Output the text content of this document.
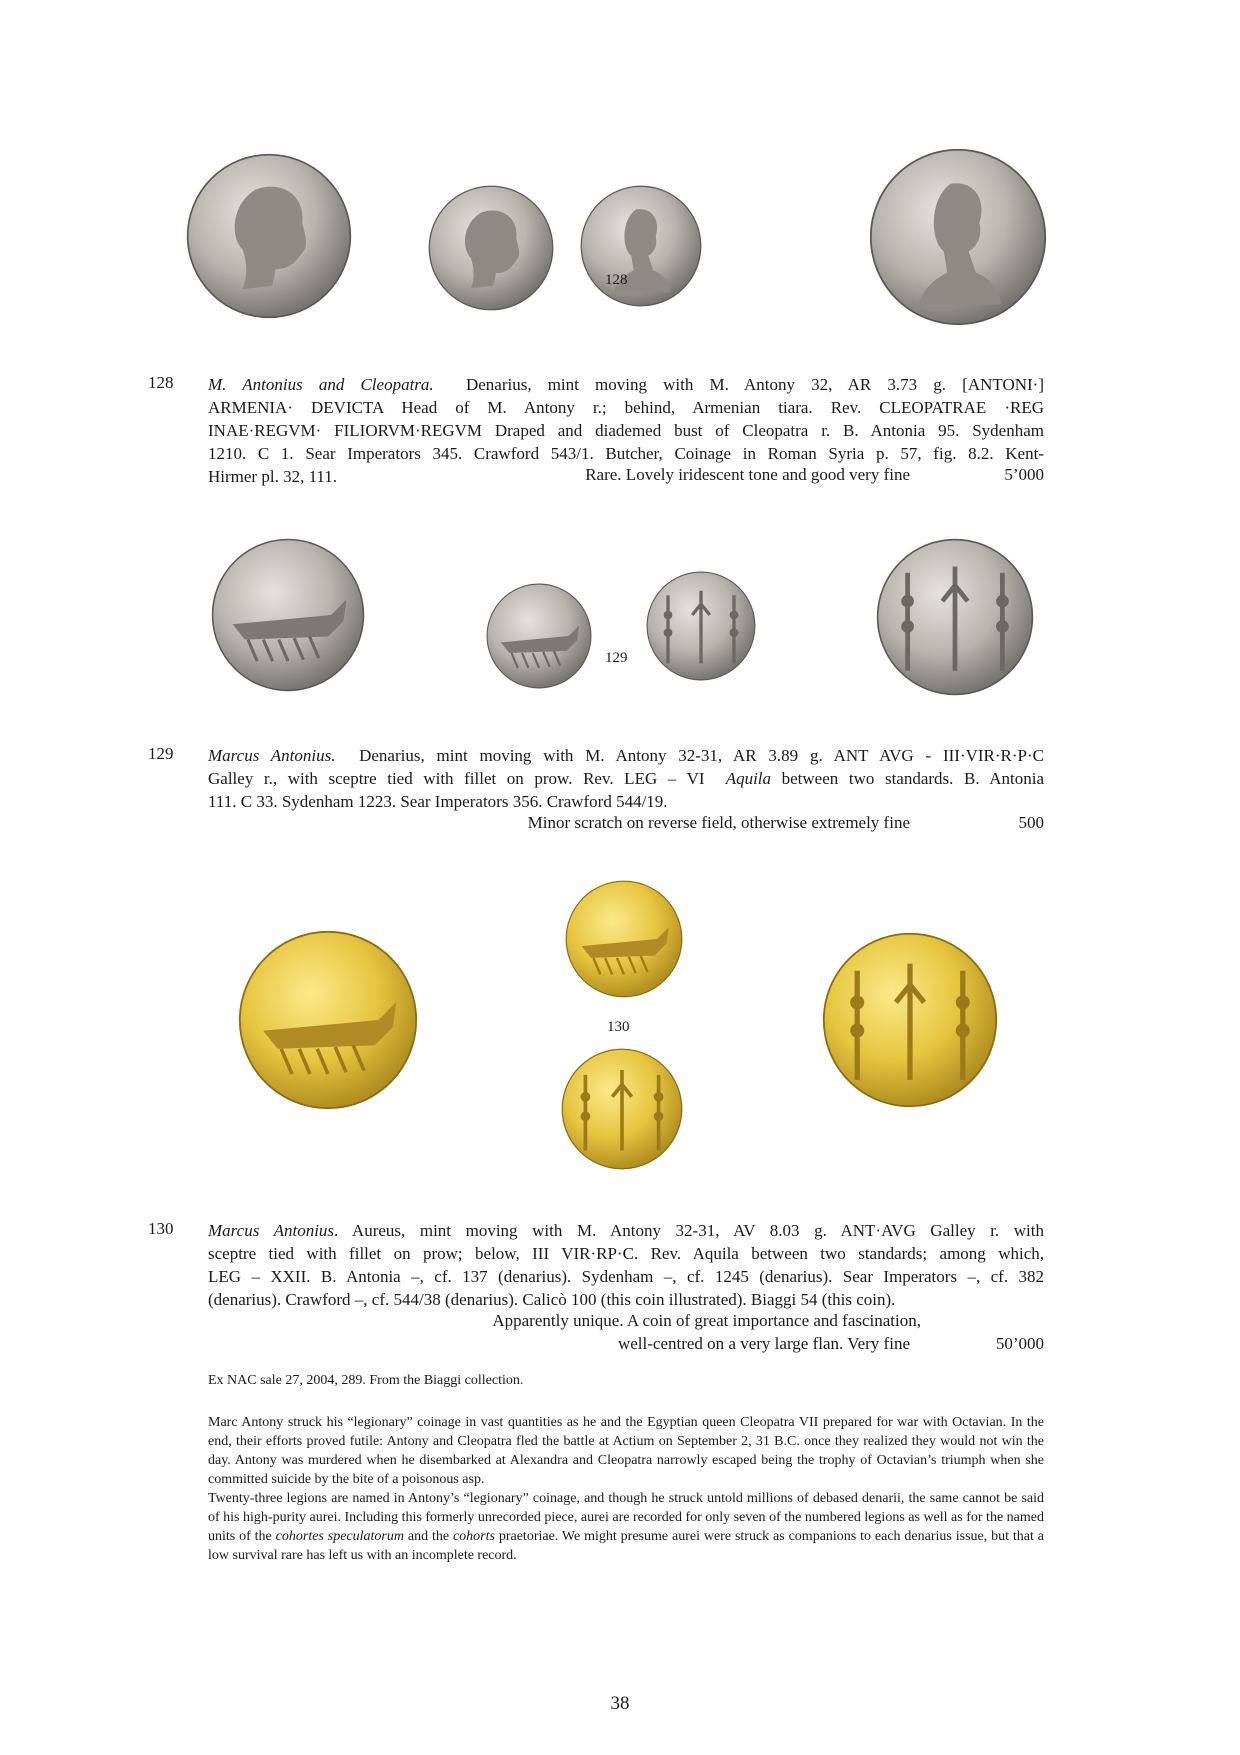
128
128 M. Antonius and Cleopatra. Denarius, mint moving with M. Antony 32, AR 3.73 g. [ANTONI·]
ARMENIA· DEVICTA Head of M. Antony r.; behind, Armenian tiara. Rev. CLEOPATRAE ·REG
INAE·REGVM· FILIORVM·REGVM Draped and diademed bust of Cleopatra r. B. Antonia 95. Sydenham
1210. C 1. Sear Imperators 345. Crawford 543/1. Butcher, Coinage in Roman Syria p. 57, fig. 8.2. Kent-
Hirmer pl. 32, 111.	Rare. Lovely iridescent tone and good very fine	5’000
129
129 Marcus Antonius. Denarius, mint moving with M. Antony 32-31, AR 3.89 g. ANT AVG - III·VIR·R·P·C
Galley r., with sceptre tied with fillet on prow. Rev. LEG – VI Aquila between two standards. B. Antonia
111. C 33. Sydenham 1223. Sear Imperators 356. Crawford 544/19.
Minor scratch on reverse field, otherwise extremely fine	500
130
130 Marcus Antonius. Aureus, mint moving with M. Antony 32-31, AV 8.03 g. ANT·AVG Galley r. with
sceptre tied with fillet on prow; below, III VIR·RP·C. Rev. Aquila between two standards; among which,
LEG – XXII. B. Antonia –, cf. 137 (denarius). Sydenham –, cf. 1245 (denarius). Sear Imperators –, cf. 382
(denarius). Crawford –, cf. 544/38 (denarius). Calicò 100 (this coin illustrated). Biaggi 54 (this coin).
Apparently unique. A coin of great importance and fascination,
well-centred on a very large flan. Very fine	50’000
Ex NAC sale 27, 2004, 289. From the Biaggi collection.

Marc Antony struck his “legionary” coinage in vast quantities as he and the Egyptian queen Cleopatra VII prepared for war with Octavian. In the end, their efforts proved futile: Antony and Cleopatra fled the battle at Actium on September 2, 31 B.C. once they realized they would not win the day. Antony was murdered when he disembarked at Alexandra and Cleopatra narrowly escaped being the trophy of Octavian’s triumph when she committed suicide by the bite of a poisonous asp.

Twenty-three legions are named in Antony’s “legionary” coinage, and though he struck untold millions of debased denarii, the same cannot be said of his high-purity aurei. Including this formerly unrecorded piece, aurei are recorded for only seven of the numbered legions as well as for the named units of the cohortes speculatorum and the cohorts praetoriae. We might presume aurei were struck as companions to each denarius issue, but that a low survival rare has left us with an incomplete record.

38
